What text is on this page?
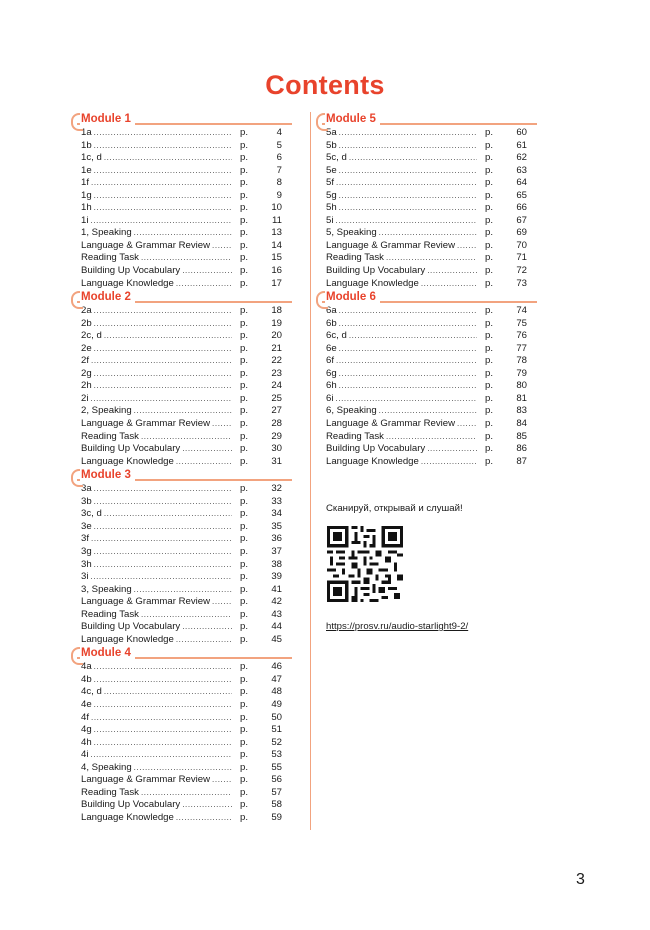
Contents
Module 1
1a .....	p.	4
1b .....	p.	5
1c, d .....	p.	6
1e .....	p.	7
1f .....	p.	8
1g .....	p.	9
1h .....	p.	10
1i .....	p.	11
1, Speaking .....	p.	13
Language & Grammar Review .....	p.	14
Reading Task .....	p.	15
Building Up Vocabulary .....	p.	16
Language Knowledge .....	p.	17
Module 2
2a .....	p.	18
2b .....	p.	19
2c, d .....	p.	20
2e .....	p.	21
2f .....	p.	22
2g .....	p.	23
2h .....	p.	24
2i .....	p.	25
2, Speaking .....	p.	27
Language & Grammar Review .....	p.	28
Reading Task .....	p.	29
Building Up Vocabulary .....	p.	30
Language Knowledge .....	p.	31
Module 3
3a .....	p.	32
3b .....	p.	33
3c, d .....	p.	34
3e .....	p.	35
3f .....	p.	36
3g .....	p.	37
3h .....	p.	38
3i .....	p.	39
3, Speaking .....	p.	41
Language & Grammar Review .....	p.	42
Reading Task .....	p.	43
Building Up Vocabulary .....	p.	44
Language Knowledge .....	p.	45
Module 4
4a .....	p.	46
4b .....	p.	47
4c, d .....	p.	48
4e .....	p.	49
4f .....	p.	50
4g .....	p.	51
4h .....	p.	52
4i .....	p.	53
4, Speaking .....	p.	55
Language & Grammar Review .....	p.	56
Reading Task .....	p.	57
Building Up Vocabulary .....	p.	58
Language Knowledge .....	p.	59
Module 5
5a .....	p.	60
5b .....	p.	61
5c, d .....	p.	62
5e .....	p.	63
5f .....	p.	64
5g .....	p.	65
5h .....	p.	66
5i .....	p.	67
5, Speaking .....	p.	69
Language & Grammar Review .....	p.	70
Reading Task .....	p.	71
Building Up Vocabulary .....	p.	72
Language Knowledge .....	p.	73
Module 6
6a .....	p.	74
6b .....	p.	75
6c, d .....	p.	76
6e .....	p.	77
6f .....	p.	78
6g .....	p.	79
6h .....	p.	80
6i .....	p.	81
6, Speaking .....	p.	83
Language & Grammar Review .....	p.	84
Reading Task .....	p.	85
Building Up Vocabulary .....	p.	86
Language Knowledge .....	p.	87
Сканируй, открывай и слушай!
https://prosv.ru/audio-starlight9-2/
3
